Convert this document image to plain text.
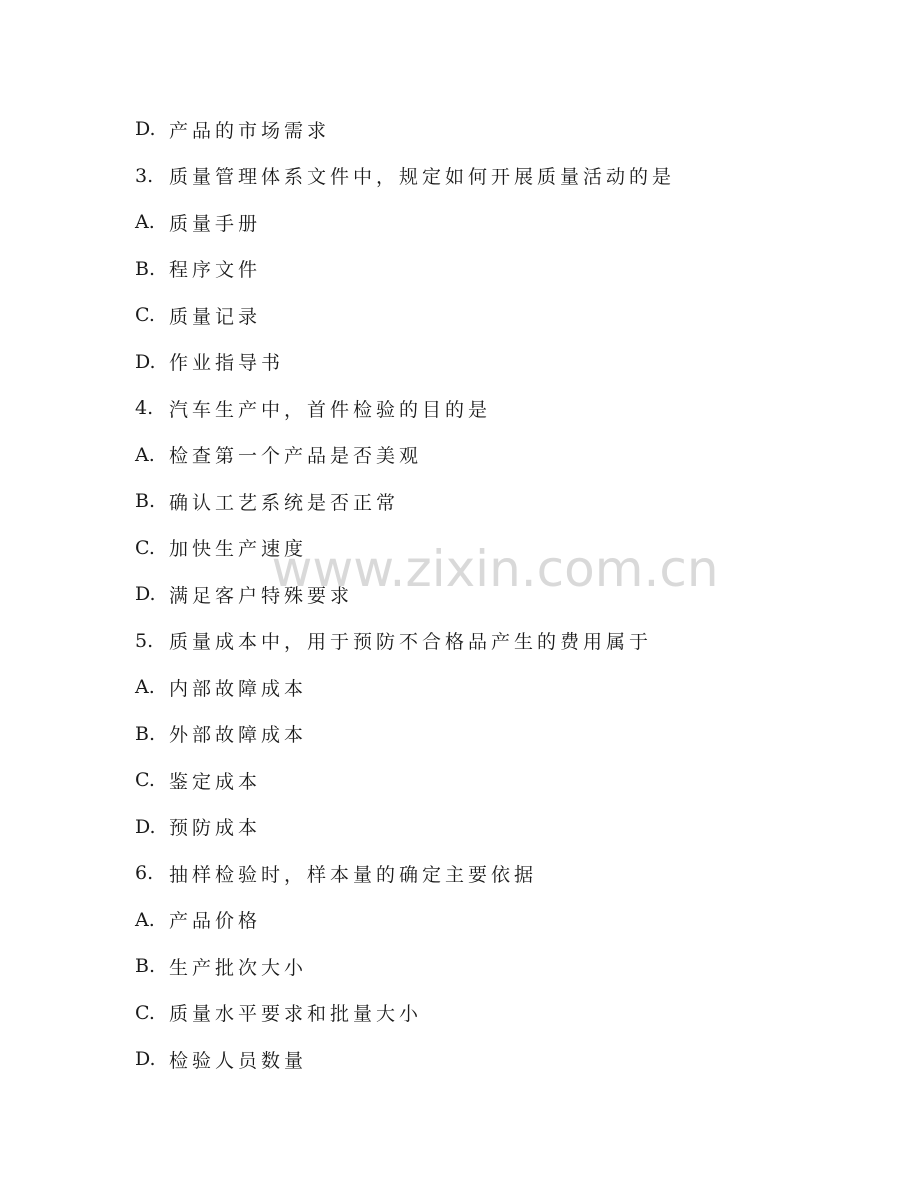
D. 产品的市场需求
3. 质量管理体系文件中，规定如何开展质量活动的是
A. 质量手册
B. 程序文件
C. 质量记录
D. 作业指导书
4. 汽车生产中，首件检验的目的是
A. 检查第一个产品是否美观
B. 确认工艺系统是否正常
C. 加快生产速度
D. 满足客户特殊要求
5. 质量成本中，用于预防不合格品产生的费用属于
A. 内部故障成本
B. 外部故障成本
C. 鉴定成本
D. 预防成本
6. 抽样检验时，样本量的确定主要依据
A. 产品价格
B. 生产批次大小
C. 质量水平要求和批量大小
D. 检验人员数量
www.zixin.com.cn
